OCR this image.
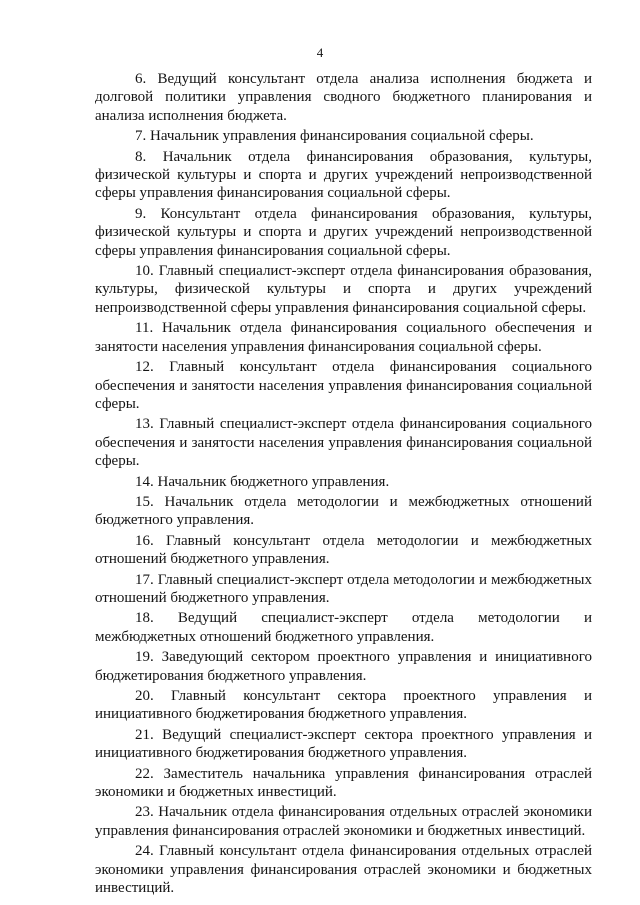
4

6. Ведущий консультант отдела анализа исполнения бюджета и долговой политики управления сводного бюджетного планирования и анализа исполнения бюджета.

7. Начальник управления финансирования социальной сферы.

8. Начальник отдела финансирования образования, культуры, физической культуры и спорта и других учреждений непроизводственной сферы управления финансирования социальной сферы.

9. Консультант отдела финансирования образования, культуры, физической культуры и спорта и других учреждений непроизводственной сферы управления финансирования социальной сферы.

10. Главный специалист-эксперт отдела финансирования образования, культуры, физической культуры и спорта и других учреждений непроизводственной сферы управления финансирования социальной сферы.

11. Начальник отдела финансирования социального обеспечения и занятости населения управления финансирования социальной сферы.

12. Главный консультант отдела финансирования социального обеспечения и занятости населения управления финансирования социальной сферы.

13. Главный специалист-эксперт отдела финансирования социального обеспечения и занятости населения управления финансирования социальной сферы.

14. Начальник бюджетного управления.

15. Начальник отдела методологии и межбюджетных отношений бюджетного управления.

16. Главный консультант отдела методологии и межбюджетных отношений бюджетного управления.

17. Главный специалист-эксперт отдела методологии и межбюджетных отношений бюджетного управления.

18. Ведущий специалист-эксперт отдела методологии и межбюджетных отношений бюджетного управления.

19. Заведующий сектором проектного управления и инициативного бюджетирования бюджетного управления.

20. Главный консультант сектора проектного управления и инициативного бюджетирования бюджетного управления.

21. Ведущий специалист-эксперт сектора проектного управления и инициативного бюджетирования бюджетного управления.

22. Заместитель начальника управления финансирования отраслей экономики и бюджетных инвестиций.

23. Начальник отдела финансирования отдельных отраслей экономики управления финансирования отраслей экономики и бюджетных инвестиций.

24. Главный консультант отдела финансирования отдельных отраслей экономики управления финансирования отраслей экономики и бюджетных инвестиций.
